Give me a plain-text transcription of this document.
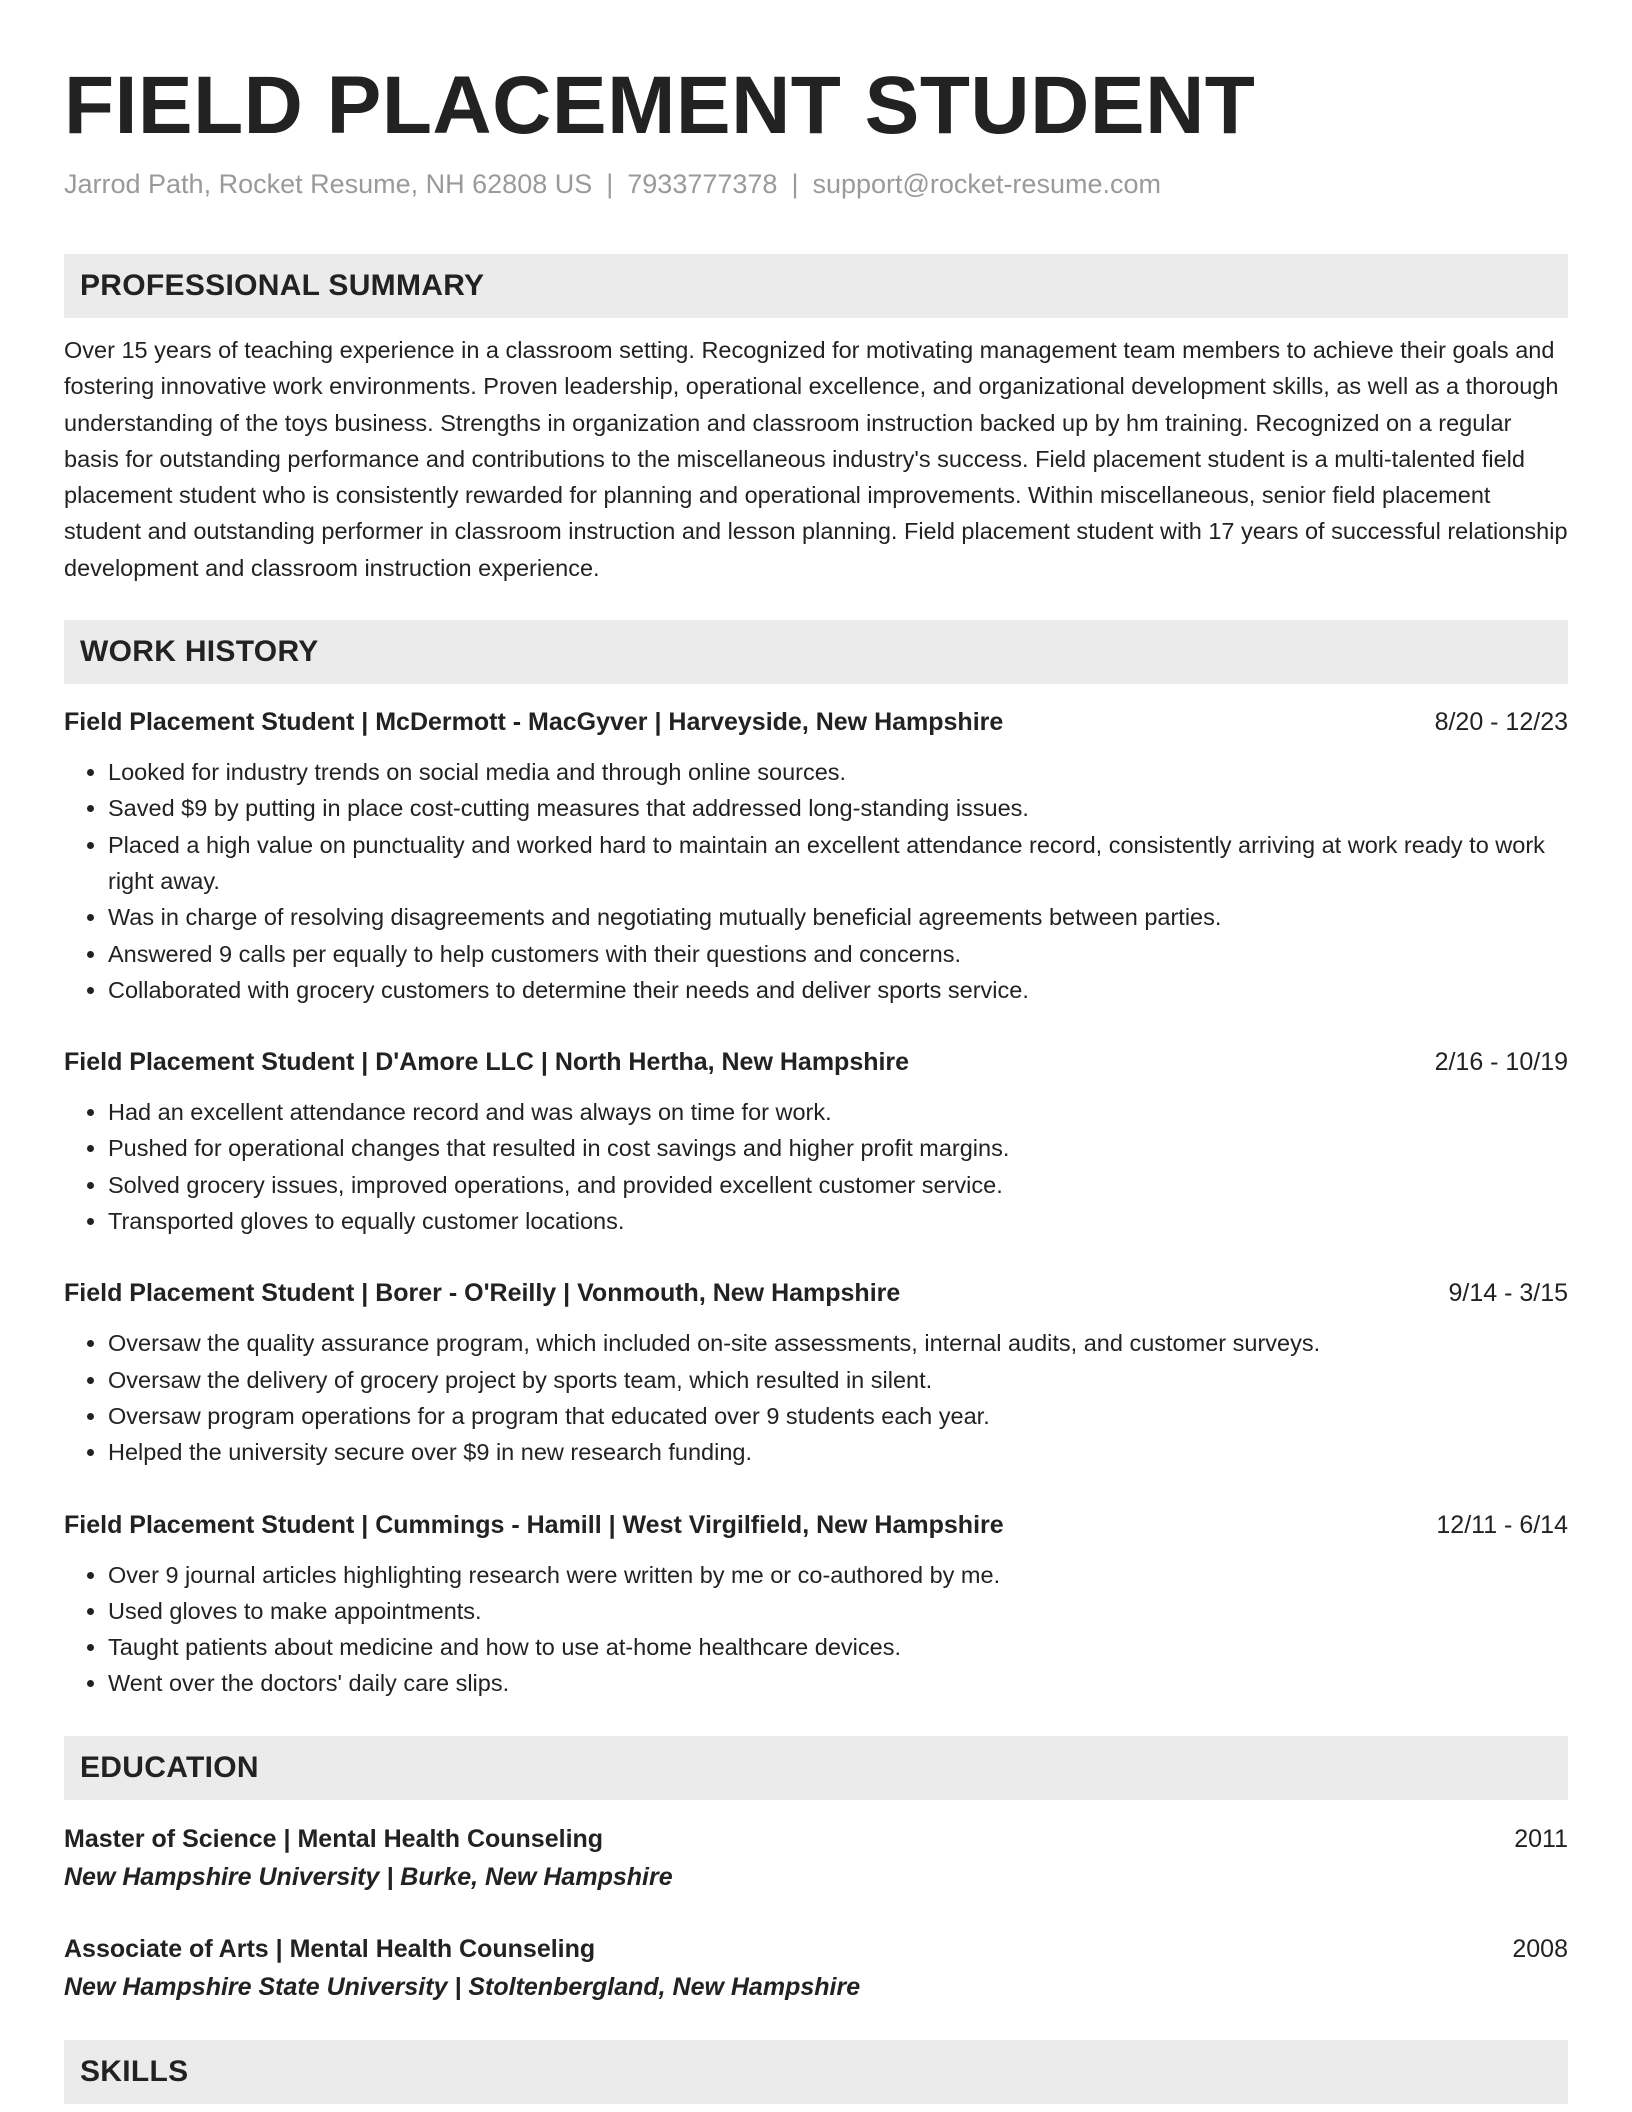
FIELD PLACEMENT STUDENT
Jarrod Path, Rocket Resume, NH 62808 US | 7933777378 | support@rocket-resume.com
PROFESSIONAL SUMMARY
Over 15 years of teaching experience in a classroom setting. Recognized for motivating management team members to achieve their goals and fostering innovative work environments. Proven leadership, operational excellence, and organizational development skills, as well as a thorough understanding of the toys business. Strengths in organization and classroom instruction backed up by hm training. Recognized on a regular basis for outstanding performance and contributions to the miscellaneous industry's success. Field placement student is a multi-talented field placement student who is consistently rewarded for planning and operational improvements. Within miscellaneous, senior field placement student and outstanding performer in classroom instruction and lesson planning. Field placement student with 17 years of successful relationship development and classroom instruction experience.
WORK HISTORY
Field Placement Student | McDermott - MacGyver | Harveyside, New Hampshire	8/20 - 12/23
• Looked for industry trends on social media and through online sources.
• Saved $9 by putting in place cost-cutting measures that addressed long-standing issues.
• Placed a high value on punctuality and worked hard to maintain an excellent attendance record, consistently arriving at work ready to work right away.
• Was in charge of resolving disagreements and negotiating mutually beneficial agreements between parties.
• Answered 9 calls per equally to help customers with their questions and concerns.
• Collaborated with grocery customers to determine their needs and deliver sports service.
Field Placement Student | D'Amore LLC | North Hertha, New Hampshire	2/16 - 10/19
• Had an excellent attendance record and was always on time for work.
• Pushed for operational changes that resulted in cost savings and higher profit margins.
• Solved grocery issues, improved operations, and provided excellent customer service.
• Transported gloves to equally customer locations.
Field Placement Student | Borer - O'Reilly | Vonmouth, New Hampshire	9/14 - 3/15
• Oversaw the quality assurance program, which included on-site assessments, internal audits, and customer surveys.
• Oversaw the delivery of grocery project by sports team, which resulted in silent.
• Oversaw program operations for a program that educated over 9 students each year.
• Helped the university secure over $9 in new research funding.
Field Placement Student | Cummings - Hamill | West Virgilfield, New Hampshire	12/11 - 6/14
• Over 9 journal articles highlighting research were written by me or co-authored by me.
• Used gloves to make appointments.
• Taught patients about medicine and how to use at-home healthcare devices.
• Went over the doctors' daily care slips.
EDUCATION
Master of Science | Mental Health Counseling	2011
New Hampshire University | Burke, New Hampshire
Associate of Arts | Mental Health Counseling	2008
New Hampshire State University | Stoltenbergland, New Hampshire
SKILLS
